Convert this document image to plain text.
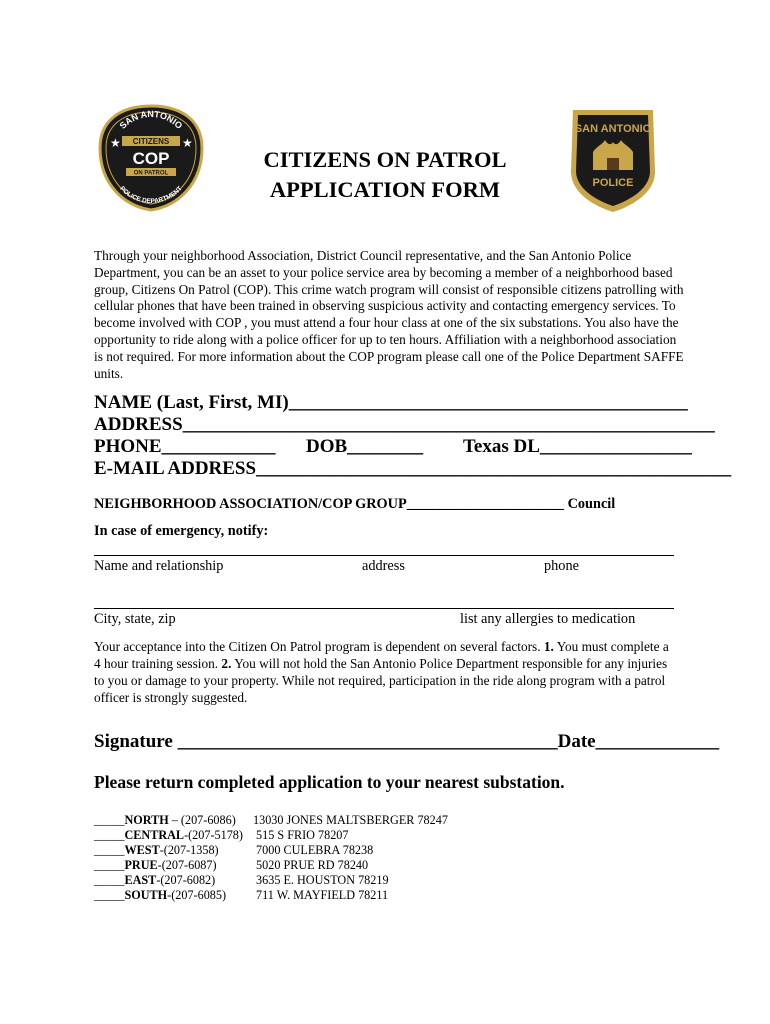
SAN ANTONIO
CITIZENS
COP
★	★
ON PATROL
POLICE DEPARTMENT
SAN ANTONIO
POLICE
CITIZENS ON PATROL
APPLICATION FORM
Through your neighborhood Association, District Council representative, and the San Antonio Police Department, you can be an asset to your police service area by becoming a member of a neighborhood based group, Citizens On Patrol (COP). This crime watch program will consist of responsible citizens patrolling with cellular phones that have been trained in observing suspicious activity and contacting emergency services. To become involved with COP , you must attend a four hour class at one of the six substations. You also have the opportunity to ride along with a police officer for up to ten hours. Affiliation with a neighborhood association is not required. For more information about the COP program please call one of the Police Department SAFFE units.
NAME (Last, First, MI)__________________________________________
ADDRESS________________________________________________________
PHONE____________ DOB________ Texas DL________________
E-MAIL ADDRESS__________________________________________________
NEIGHBORHOOD ASSOCIATION/COP GROUP______________________ Council
In case of emergency, notify:
Name and relationship	address	phone
City, state, zip	list any allergies to medication
Your acceptance into the Citizen On Patrol program is dependent on several factors. 1. You must complete a 4 hour training session. 2. You will not hold the San Antonio Police Department responsible for any injuries to you or damage to your property. While not required, participation in the ride along program with a patrol officer is strongly suggested.
Signature ________________________________________Date_____________
Please return completed application to your nearest substation.
_____NORTH – (207-6086) 13030 JONES MALTSBERGER 78247
_____CENTRAL-(207-5178) 515 S FRIO 78207
_____WEST-(207-1358)	7000 CULEBRA 78238
_____PRUE-(207-6087)	5020 PRUE RD 78240
_____EAST-(207-6082)	3635 E. HOUSTON 78219
_____SOUTH-(207-6085) 711 W. MAYFIELD 78211
